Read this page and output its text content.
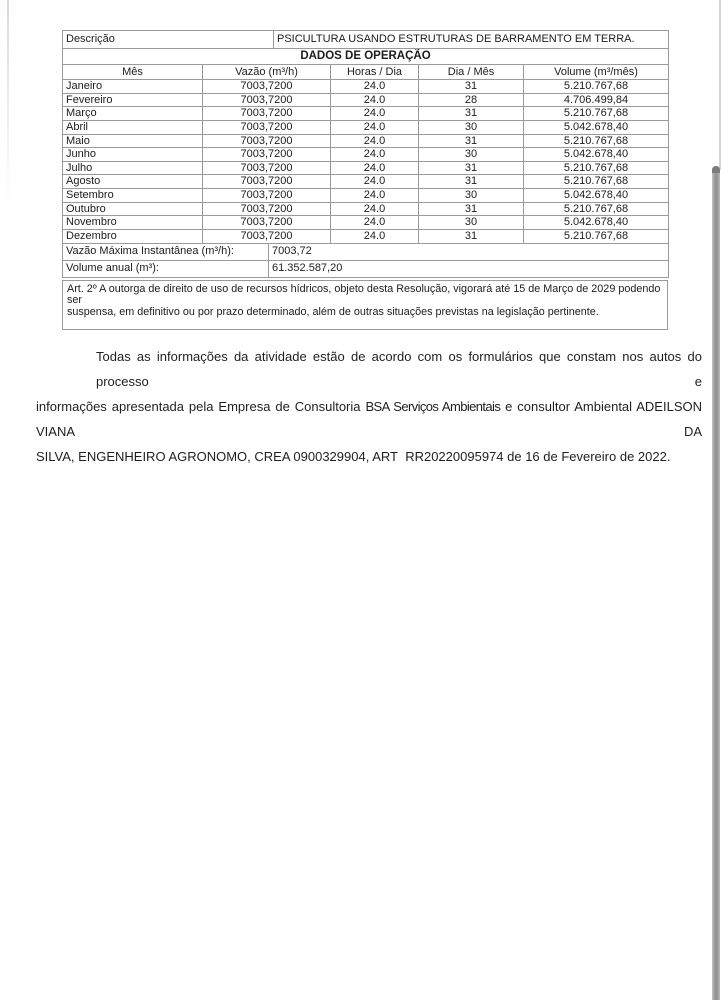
Descrição	PSICULTURA USANDO ESTRUTURAS DE BARRAMENTO EM TERRA.
DADOS DE OPERAÇÃO
Mês	Vazão (m³/h)	Horas / Dia	Dia / Mês	Volume (m³/mês)
Janeiro	7003,7200	24.0	31	5.210.767,68
Fevereiro	7003,7200	24.0	28	4.706.499,84
Março	7003,7200	24.0	31	5.210.767,68
Abril	7003,7200	24.0	30	5.042.678,40
Maio	7003,7200	24.0	31	5.210.767,68
Junho	7003,7200	24.0	30	5.042.678,40
Julho	7003,7200	24.0	31	5.210.767,68
Agosto	7003,7200	24.0	31	5.210.767,68
Setembro	7003,7200	24.0	30	5.042.678,40
Outubro	7003,7200	24.0	31	5.210.767,68
Novembro	7003,7200	24.0	30	5.042.678,40
Dezembro	7003,7200	24.0	31	5.210.767,68
Vazão Máxima Instantânea (m³/h):	7003,72
Volume anual (m³):	61.352.587,20
Art. 2º A outorga de direito de uso de recursos hídricos, objeto desta Resolução, vigorará até 15 de Março de 2029 podendo ser
suspensa, em definitivo ou por prazo determinado, além de outras situações previstas na legislação pertinente.
Todas as informações da atividade estão de acordo com os formulários que constam nos autos do processo e
informações apresentada pela Empresa de Consultoria BSA Serviços Ambientais e consultor Ambiental ADEILSON VIANA DA
SILVA, ENGENHEIRO AGRONOMO, CREA 0900329904, ART  RR20220095974 de 16 de Fevereiro de 2022.
